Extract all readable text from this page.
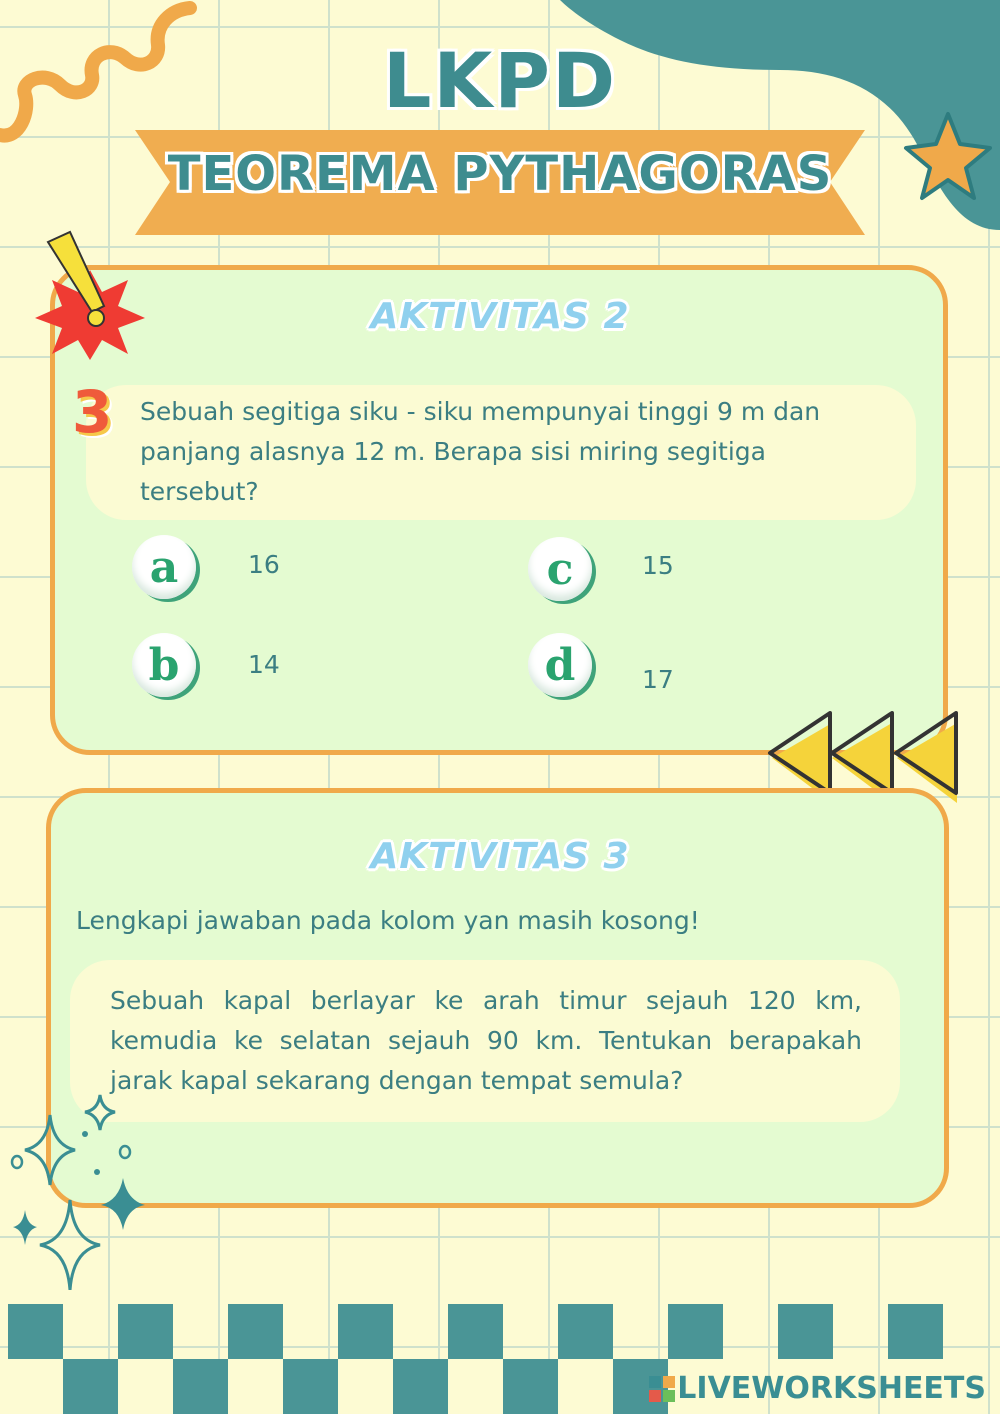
LKPD
TEOREMA PYTHAGORAS
AKTIVITAS 2
3	Sebuah segitiga siku - siku mempunyai tinggi 9 m dan
panjang alasnya 12 m. Berapa sisi miring segitiga
tersebut?
a	16
b	14
c	15
d	17
AKTIVITAS 3
Lengkapi jawaban pada kolom yan masih kosong!
Sebuah kapal berlayar ke arah timur sejauh 120 km,
kemudia ke selatan sejauh 90 km. Tentukan berapakah
jarak kapal sekarang dengan tempat semula?
LIVEWORKSHEETS
